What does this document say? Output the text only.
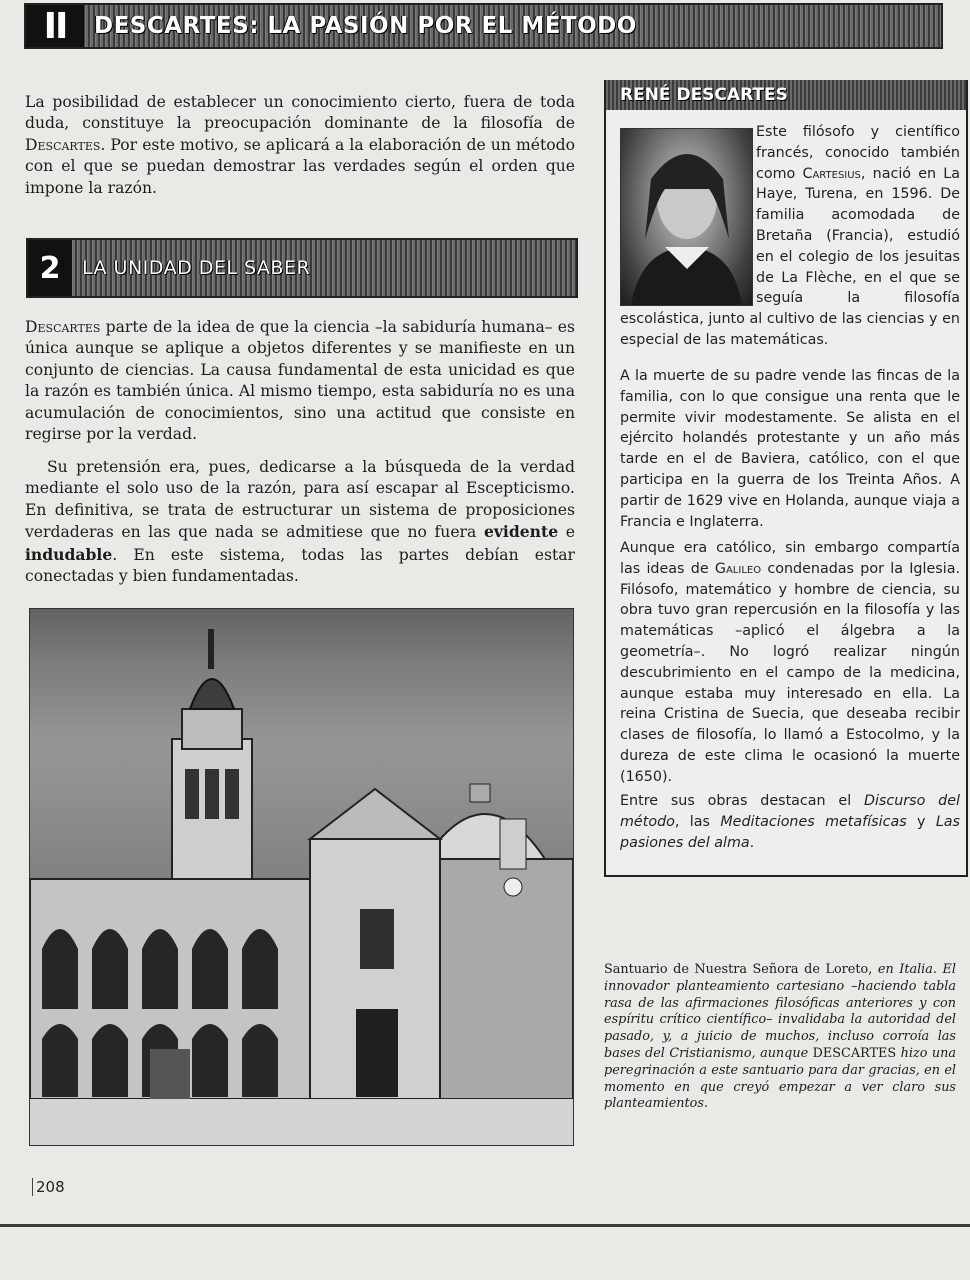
II	DESCARTES: LA PASIÓN POR EL MÉTODO

La posibilidad de establecer un conocimiento cierto, fuera de toda duda, constituye la preocupación dominante de la filosofía de Descartes. Por este motivo, se aplicará a la elaboración de un método con el que se puedan demostrar las verdades según el orden que impone la razón.

2	LA UNIDAD DEL SABER

Descartes parte de la idea de que la ciencia –la sabiduría humana– es única aunque se aplique a objetos diferentes y se manifieste en un conjunto de ciencias. La causa fundamental de esta unicidad es que la razón es también única. Al mismo tiempo, esta sabiduría no es una acumulación de conocimientos, sino una actitud que consiste en regirse por la verdad.

Su pretensión era, pues, dedicarse a la búsqueda de la verdad mediante el solo uso de la razón, para así escapar al Escepticismo. En definitiva, se trata de estructurar un sistema de proposiciones verdaderas en las que nada se admitiese que no fuera evidente e indudable. En este sistema, todas las partes debían estar conectadas y bien fundamentadas.

RENÉ DESCARTES

Este filósofo y científico francés, conocido también como Cartesius, nació en La Haye, Turena, en 1596. De familia acomodada de Bretaña (Francia), estudió en el colegio de los jesuitas de La Flèche, en el que se seguía la filosofía escolástica, junto al cultivo de las ciencias y en especial de las matemáticas.

A la muerte de su padre vende las fincas de la familia, con lo que consigue una renta que le permite vivir modestamente. Se alista en el ejército holandés protestante y un año más tarde en el de Baviera, católico, con el que participa en la guerra de los Treinta Años. A partir de 1629 vive en Holanda, aunque viaja a Francia e Inglaterra.

Aunque era católico, sin embargo compartía las ideas de Galileo condenadas por la Iglesia. Filósofo, matemático y hombre de ciencia, su obra tuvo gran repercusión en la filosofía y las matemáticas –aplicó el álgebra a la geometría–. No logró realizar ningún descubrimiento en el campo de la medicina, aunque estaba muy interesado en ella. La reina Cristina de Suecia, que deseaba recibir clases de filosofía, lo llamó a Estocolmo, y la dureza de este clima le ocasionó la muerte (1650).

Entre sus obras destacan el Discurso del método, las Meditaciones metafísicas y Las pasiones del alma.

Santuario de Nuestra Señora de Loreto, en Italia. El innovador planteamiento cartesiano –haciendo tabla rasa de las afirmaciones filosóficas anteriores y con espíritu crítico científico– invalidaba la autoridad del pasado, y, a juicio de muchos, incluso corroía las bases del Cristianismo, aunque DESCARTES hizo una peregrinación a este santuario para dar gracias, en el momento en que creyó empezar a ver claro sus planteamientos.

208
